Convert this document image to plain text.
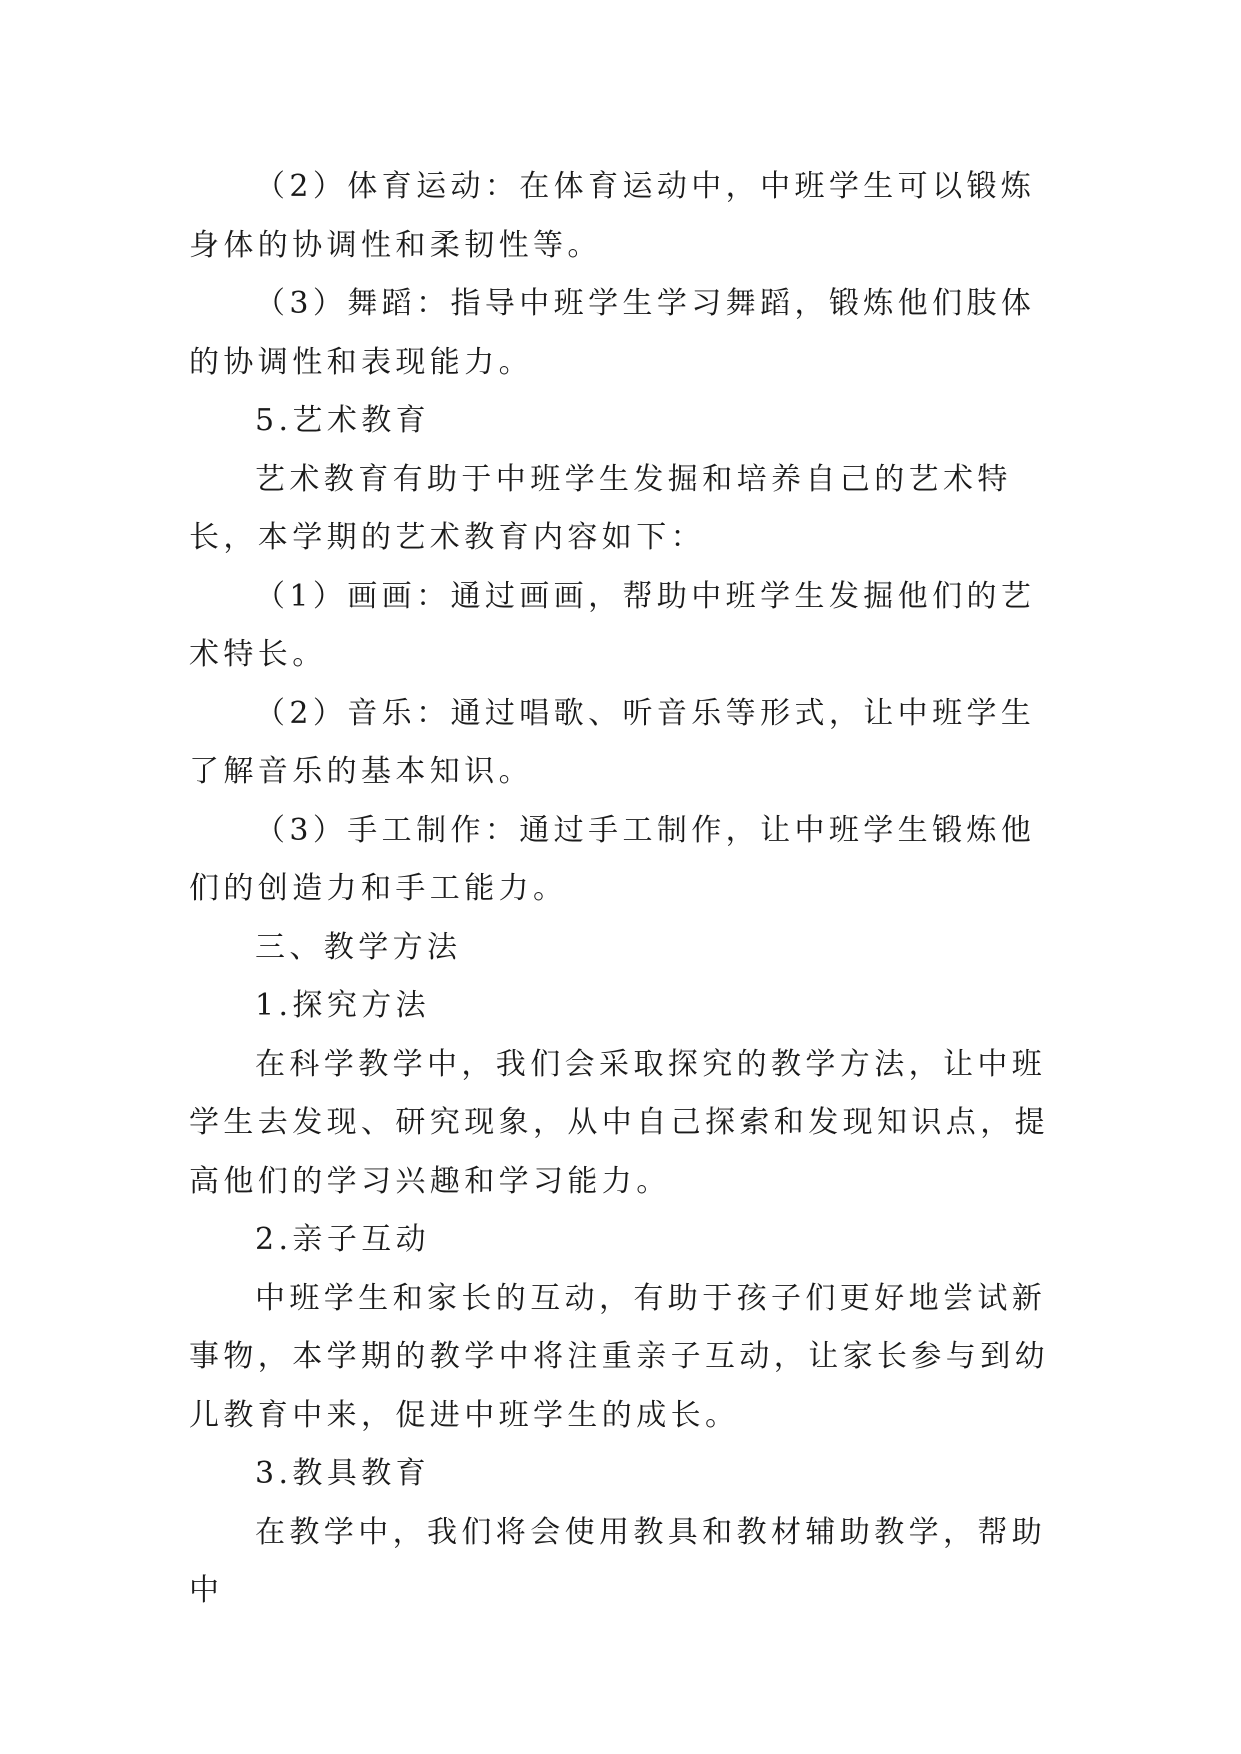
（2）体育运动：在体育运动中，中班学生可以锻炼身体的协调性和柔韧性等。

（3）舞蹈：指导中班学生学习舞蹈，锻炼他们肢体的协调性和表现能力。

5.艺术教育

艺术教育有助于中班学生发掘和培养自己的艺术特长，本学期的艺术教育内容如下：

（1）画画：通过画画，帮助中班学生发掘他们的艺术特长。

（2）音乐：通过唱歌、听音乐等形式，让中班学生了解音乐的基本知识。

（3）手工制作：通过手工制作，让中班学生锻炼他们的创造力和手工能力。

三、教学方法

1.探究方法

在科学教学中，我们会采取探究的教学方法，让中班学生去发现、研究现象，从中自己探索和发现知识点，提高他们的学习兴趣和学习能力。

2.亲子互动

中班学生和家长的互动，有助于孩子们更好地尝试新事物，本学期的教学中将注重亲子互动，让家长参与到幼儿教育中来，促进中班学生的成长。

3.教具教育

在教学中，我们将会使用教具和教材辅助教学，帮助中
